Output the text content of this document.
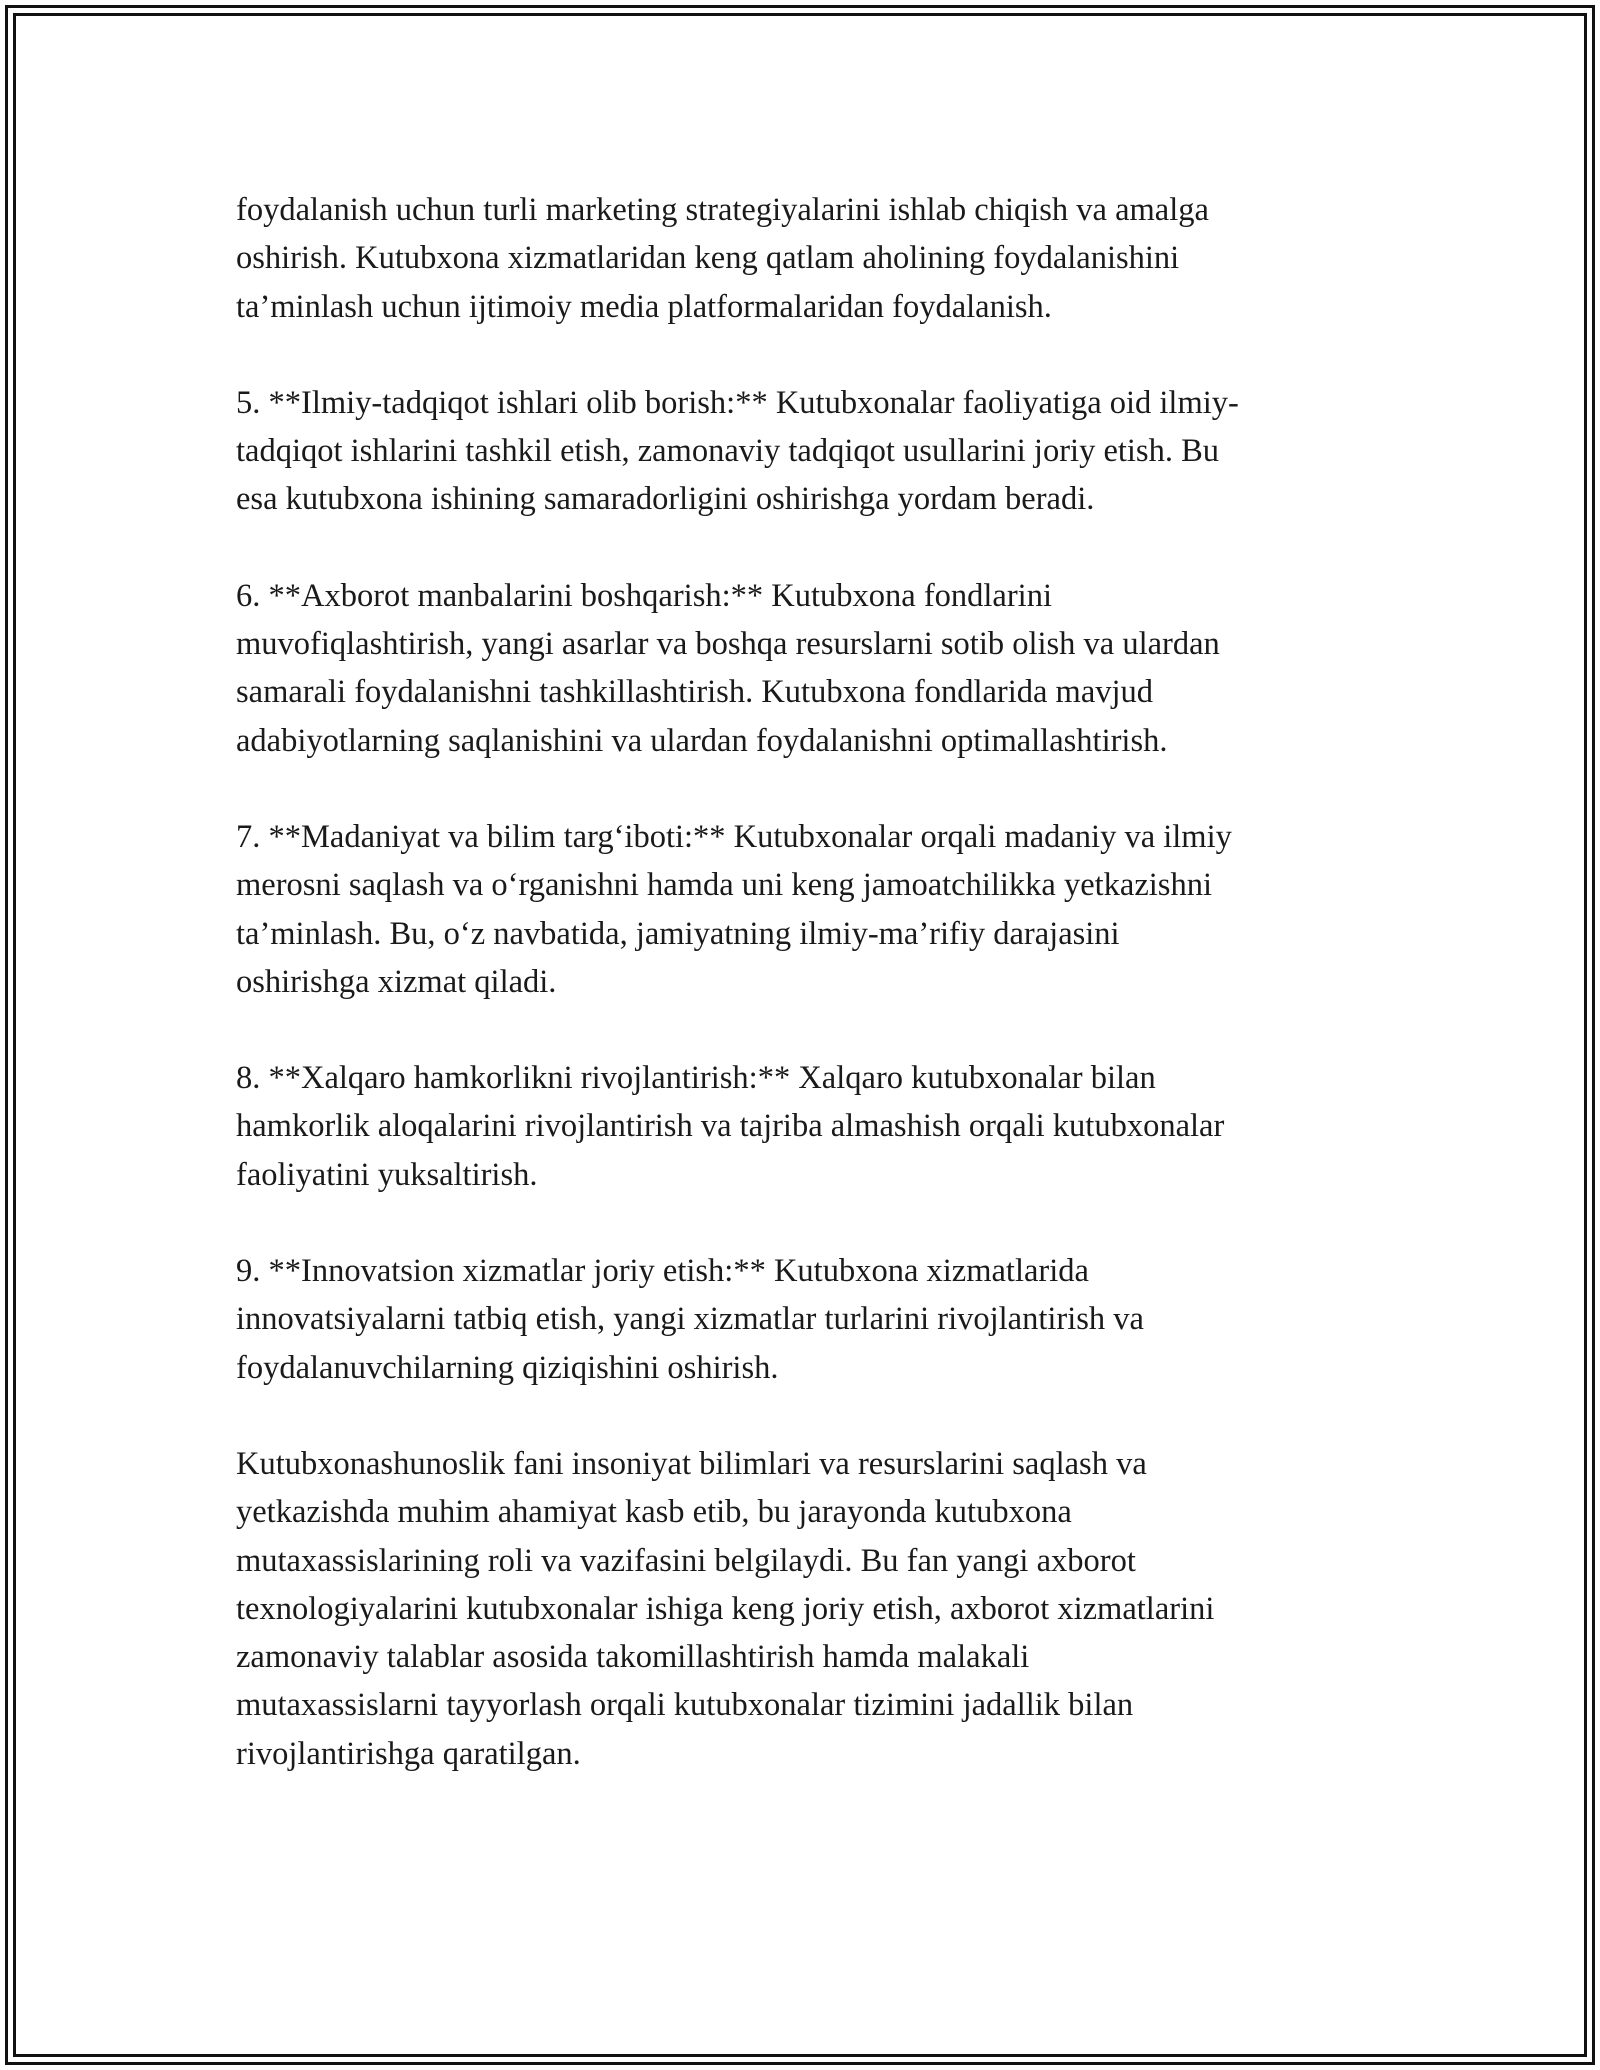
foydalanish uchun turli marketing strategiyalarini ishlab chiqish va amalga
oshirish. Kutubxona xizmatlaridan keng qatlam aholining foydalanishini
ta’minlash uchun ijtimoiy media platformalaridan foydalanish.

5. **Ilmiy-tadqiqot ishlari olib borish:** Kutubxonalar faoliyatiga oid ilmiy-
tadqiqot ishlarini tashkil etish, zamonaviy tadqiqot usullarini joriy etish. Bu
esa kutubxona ishining samaradorligini oshirishga yordam beradi.

6. **Axborot manbalarini boshqarish:** Kutubxona fondlarini
muvofiqlashtirish, yangi asarlar va boshqa resurslarni sotib olish va ulardan
samarali foydalanishni tashkillashtirish. Kutubxona fondlarida mavjud
adabiyotlarning saqlanishini va ulardan foydalanishni optimallashtirish.

7. **Madaniyat va bilim targ‘iboti:** Kutubxonalar orqali madaniy va ilmiy
merosni saqlash va o‘rganishni hamda uni keng jamoatchilikka yetkazishni
ta’minlash. Bu, o‘z navbatida, jamiyatning ilmiy-ma’rifiy darajasini
oshirishga xizmat qiladi.

8. **Xalqaro hamkorlikni rivojlantirish:** Xalqaro kutubxonalar bilan
hamkorlik aloqalarini rivojlantirish va tajriba almashish orqali kutubxonalar
faoliyatini yuksaltirish.

9. **Innovatsion xizmatlar joriy etish:** Kutubxona xizmatlarida
innovatsiyalarni tatbiq etish, yangi xizmatlar turlarini rivojlantirish va
foydalanuvchilarning qiziqishini oshirish.

Kutubxonashunoslik fani insoniyat bilimlari va resurslarini saqlash va
yetkazishda muhim ahamiyat kasb etib, bu jarayonda kutubxona
mutaxassislarining roli va vazifasini belgilaydi. Bu fan yangi axborot
texnologiyalarini kutubxonalar ishiga keng joriy etish, axborot xizmatlarini
zamonaviy talablar asosida takomillashtirish hamda malakali
mutaxassislarni tayyorlash orqali kutubxonalar tizimini jadallik bilan
rivojlantirishga qaratilgan.
